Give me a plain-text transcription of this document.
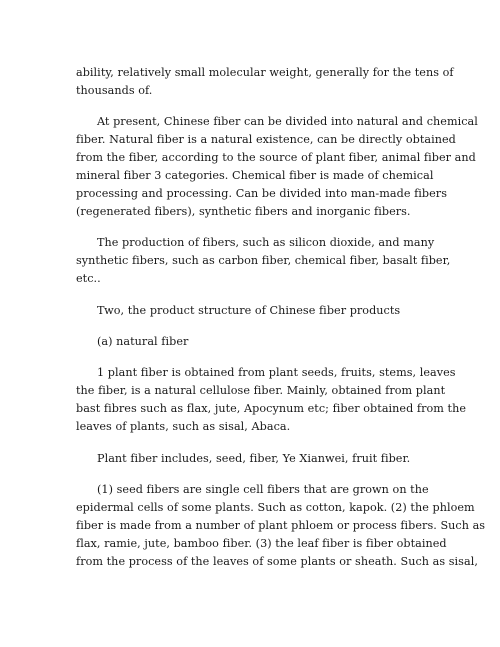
ability, relatively small molecular weight, generally for the tens of
thousands of.
At present, Chinese fiber can be divided into natural and chemical
fiber. Natural fiber is a natural existence, can be directly obtained
from the fiber, according to the source of plant fiber, animal fiber and
mineral fiber 3 categories. Chemical fiber is made of chemical
processing and processing. Can be divided into man-made fibers
(regenerated fibers), synthetic fibers and inorganic fibers.
The production of fibers, such as silicon dioxide, and many
synthetic fibers, such as carbon fiber, chemical fiber, basalt fiber,
etc..
Two, the product structure of Chinese fiber products
(a) natural fiber
1 plant fiber is obtained from plant seeds, fruits, stems, leaves
the fiber, is a natural cellulose fiber. Mainly, obtained from plant
bast fibres such as flax, jute, Apocynum etc; fiber obtained from the
leaves of plants, such as sisal, Abaca.
Plant fiber includes, seed, fiber, Ye Xianwei, fruit fiber.
(1) seed fibers are single cell fibers that are grown on the
epidermal cells of some plants. Such as cotton, kapok. (2) the phloem
fiber is made from a number of plant phloem or process fibers. Such as
flax, ramie, jute, bamboo fiber. (3) the leaf fiber is fiber obtained
from the process of the leaves of some plants or sheath. Such as sisal,
